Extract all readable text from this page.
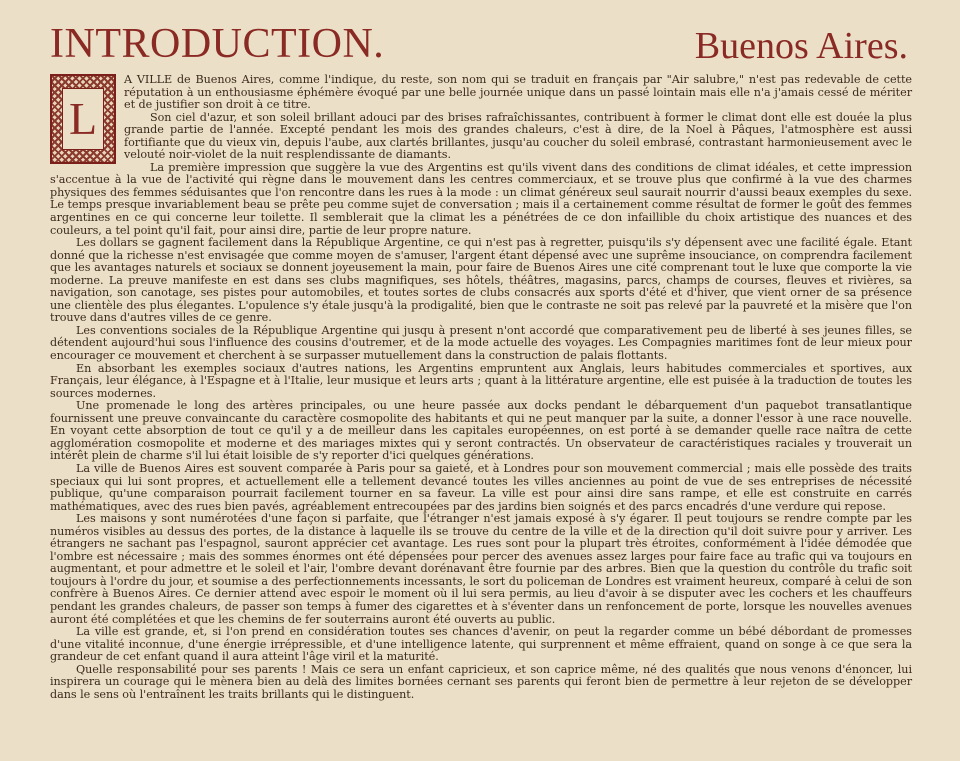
INTRODUCTION.	Buenos Aires.
L

A VILLE de Buenos Aires, comme l'indique, du reste, son nom qui se traduit en français par "Air salubre," n'est pas redevable de cette réputation à un enthousiasme éphémère évoqué par une belle journée unique dans un passé lointain mais elle n'a j'amais cessé de mériter et de justifier son droit à ce titre.

Son ciel d'azur, et son soleil brillant adouci par des brises rafraîchissantes, contribuent à former le climat dont elle est douée la plus grande partie de l'année. Excepté pendant les mois des grandes chaleurs, c'est à dire, de la Noel à Pâques, l'atmosphère est aussi fortifiante que du vieux vin, depuis l'aube, aux clartés brillantes, jusqu'au coucher du soleil embrasé, contrastant harmonieusement avec le velouté noir-violet de la nuit resplendissante de diamants.

La première impression que suggère la vue des Argentins est qu'ils vivent dans des conditions de climat idéales, et cette impression s'accentue à la vue de l'activité qui règne dans le mouvement dans les centres commerciaux, et se trouve plus que confirmé à la vue des charmes physiques des femmes séduisantes que l'on rencontre dans les rues à la mode : un climat généreux seul saurait nourrir d'aussi beaux exemples du sexe. Le temps presque invariablement beau se prête peu comme sujet de conversation ; mais il a certainement comme résultat de former le goût des femmes argentines en ce qui concerne leur toilette. Il semblerait que la climat les a pénétrées de ce don infaillible du choix artistique des nuances et des couleurs, a tel point qu'il fait, pour ainsi dire, partie de leur propre nature.

Les dollars se gagnent facilement dans la République Argentine, ce qui n'est pas à regretter, puisqu'ils s'y dépensent avec une facilité égale. Etant donné que la richesse n'est envisagée que comme moyen de s'amuser, l'argent étant dépensé avec une suprême insouciance, on comprendra facilement que les avantages naturels et sociaux se donnent joyeusement la main, pour faire de Buenos Aires une cité comprenant tout le luxe que comporte la vie moderne. La preuve manifeste en est dans ses clubs magnifiques, ses hôtels, théâtres, magasins, parcs, champs de courses, fleuves et rivières, sa navigation, son canotage, ses pistes pour automobiles, et toutes sortes de clubs consacrés aux sports d'été et d'hiver, que vient orner de sa présence une clientèle des plus élegantes. L'opulence s'y étale jusqu'à la prodigalité, bien que le contraste ne soit pas relevé par la pauvreté et la misère que l'on trouve dans d'autres villes de ce genre.

Les conventions sociales de la République Argentine qui jusqu à present n'ont accordé que comparativement peu de liberté à ses jeunes filles, se détendent aujourd'hui sous l'influence des cousins d'outremer, et de la mode actuelle des voyages. Les Compagnies maritimes font de leur mieux pour encourager ce mouvement et cherchent à se surpasser mutuellement dans la construction de palais flottants.

En absorbant les exemples sociaux d'autres nations, les Argentins empruntent aux Anglais, leurs habitudes commerciales et sportives, aux Français, leur élégance, à l'Espagne et à l'Italie, leur musique et leurs arts ; quant à la littérature argentine, elle est puisée à la traduction de toutes les sources modernes.

Une promenade le long des artères principales, ou une heure passée aux docks pendant le débarquement d'un paquebot transatlantique fournissent une preuve convaincante du caractère cosmopolite des habitants et qui ne peut manquer par la suite, a donner l'essor à une race nouvelle. En voyant cette absorption de tout ce qu'il y a de meilleur dans les capitales européennes, on est porté à se demander quelle race naîtra de cette agglomération cosmopolite et moderne et des mariages mixtes qui y seront contractés. Un observateur de caractéristiques raciales y trouverait un intérêt plein de charme s'il lui était loisible de s'y reporter d'ici quelques générations.

La ville de Buenos Aires est souvent comparée à Paris pour sa gaieté, et à Londres pour son mouvement commercial ; mais elle possède des traits speciaux qui lui sont propres, et actuellement elle a tellement devancé toutes les villes anciennes au point de vue de ses entreprises de nécessité publique, qu'une comparaison pourrait facilement tourner en sa faveur. La ville est pour ainsi dire sans rampe, et elle est construite en carrés mathématiques, avec des rues bien pavés, agréablement entrecoupées par des jardins bien soignés et des parcs encadrés d'une verdure qui repose.

Les maisons y sont numérotées d'une façon si parfaite, que l'étranger n'est jamais exposé à s'y égarer. Il peut toujours se rendre compte par les numéros visibles au dessus des portes, de la distance à laquelle ils se trouve du centre de la ville et de la direction qu'il doit suivre pour y arriver. Les étrangers ne sachant pas l'espagnol, sauront apprécier cet avantage. Les rues sont pour la plupart très étroites, conformément à l'idée démodée que l'ombre est nécessaire ; mais des sommes énormes ont été dépensées pour percer des avenues assez larges pour faire face au trafic qui va toujours en augmentant, et pour admettre et le soleil et l'air, l'ombre devant dorénavant être fournie par des arbres. Bien que la question du contrôle du trafic soit toujours à l'ordre du jour, et soumise a des perfectionnements incessants, le sort du policeman de Londres est vraiment heureux, comparé à celui de son confrère à Buenos Aires. Ce dernier attend avec espoir le moment où il lui sera permis, au lieu d'avoir à se disputer avec les cochers et les chauffeurs pendant les grandes chaleurs, de passer son temps à fumer des cigarettes et à s'éventer dans un renfoncement de porte, lorsque les nouvelles avenues auront été complétées et que les chemins de fer souterrains auront été ouverts au public.

La ville est grande, et, si l'on prend en considération toutes ses chances d'avenir, on peut la regarder comme un bébé débordant de promesses d'une vitalité inconnue, d'une énergie irrépressible, et d'une intelligence latente, qui surprennent et même effraient, quand on songe à ce que sera la grandeur de cet enfant quand il aura atteint l'âge viril et la maturité.

Quelle responsabilité pour ses parents ! Mais ce sera un enfant capricieux, et son caprice même, né des qualités que nous venons d'énoncer, lui inspirera un courage qui le mènera bien au delà des limites bornées cernant ses parents qui feront bien de permettre à leur rejeton de se développer dans le sens où l'entraînent les traits brillants qui le distinguent.
